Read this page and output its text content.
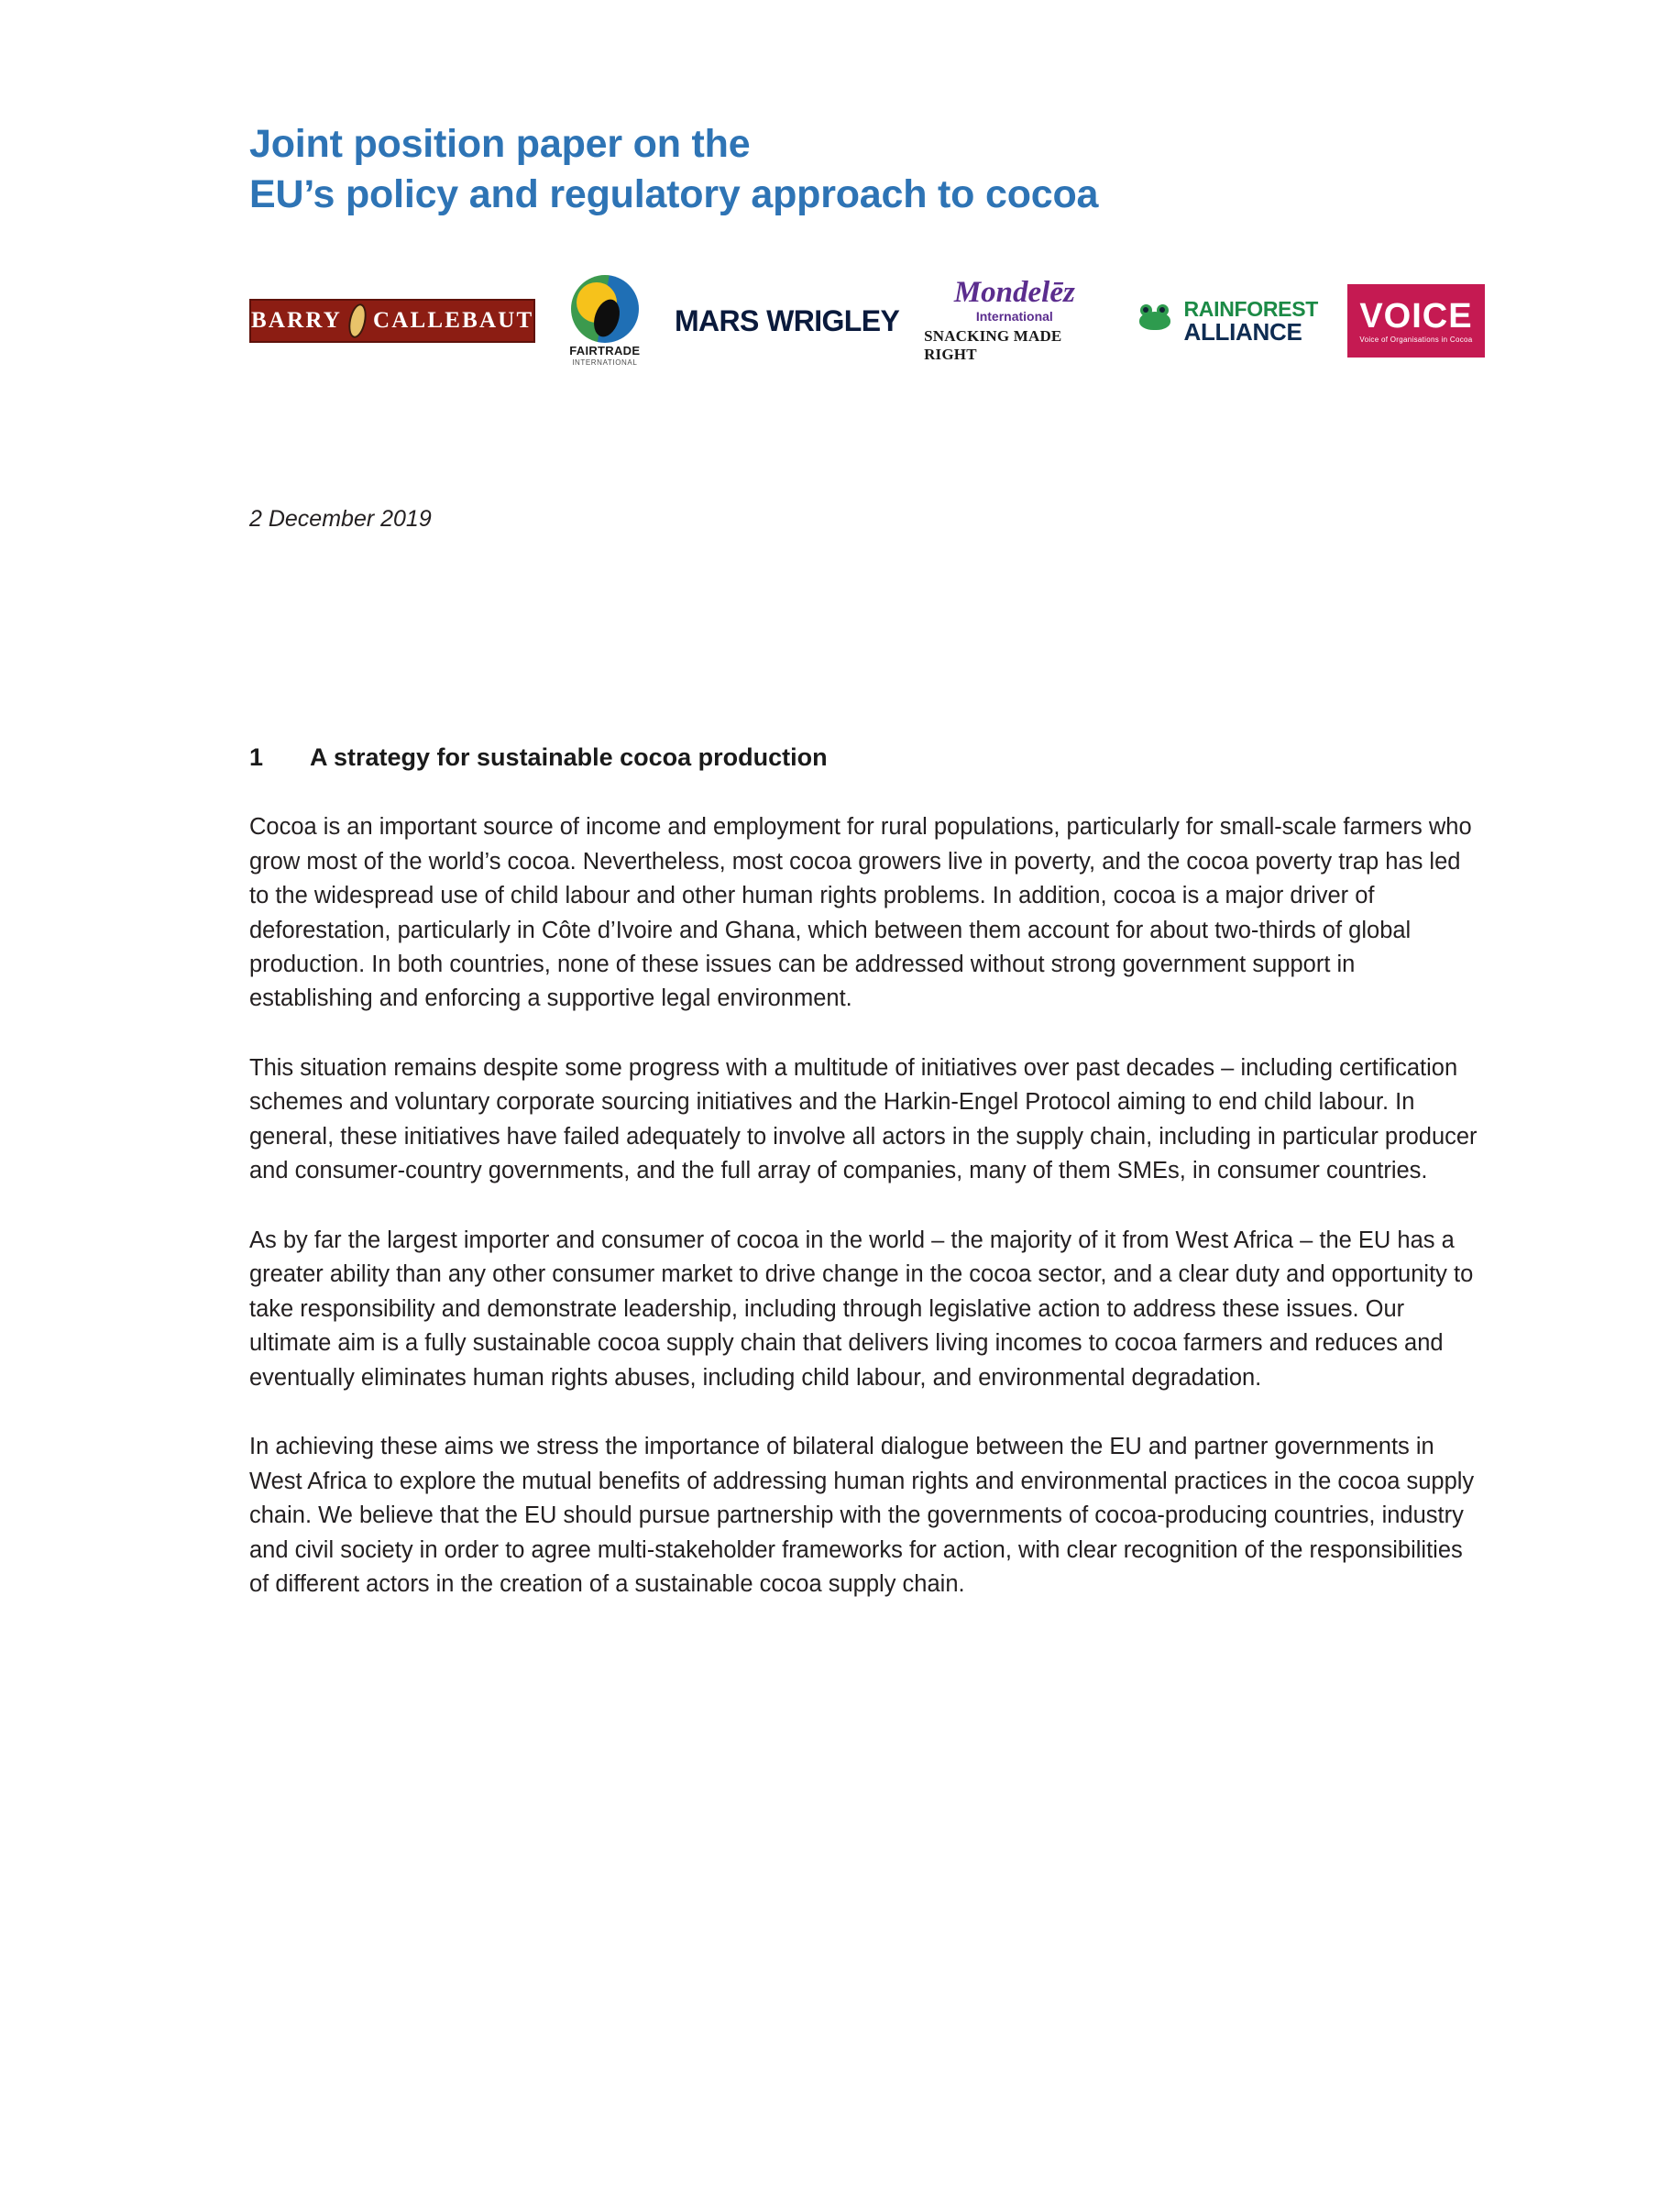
Joint position paper on the
EU’s policy and regulatory approach to cocoa
BARRY CALLEBAUT
FAIRTRADE
INTERNATIONAL
MARS WRIGLEY
Mondelēz
International
SNACKING MADE RIGHT
RAINFOREST
ALLIANCE	VOICE
Voice of Organisations in Cocoa
2 December 2019
1	A strategy for sustainable cocoa production

Cocoa is an important source of income and employment for rural populations, particularly for small-scale farmers who grow most of the world’s cocoa. Nevertheless, most cocoa growers live in poverty, and the cocoa poverty trap has led to the widespread use of child labour and other human rights problems. In addition, cocoa is a major driver of deforestation, particularly in Côte d’Ivoire and Ghana, which between them account for about two-thirds of global production. In both countries, none of these issues can be addressed without strong government support in establishing and enforcing a supportive legal environment.

This situation remains despite some progress with a multitude of initiatives over past decades – including certification schemes and voluntary corporate sourcing initiatives and the Harkin-Engel Protocol aiming to end child labour. In general, these initiatives have failed adequately to involve all actors in the supply chain, including in particular producer and consumer-country governments, and the full array of companies, many of them SMEs, in consumer countries.

As by far the largest importer and consumer of cocoa in the world – the majority of it from West Africa – the EU has a greater ability than any other consumer market to drive change in the cocoa sector, and a clear duty and opportunity to take responsibility and demonstrate leadership, including through legislative action to address these issues. Our ultimate aim is a fully sustainable cocoa supply chain that delivers living incomes to cocoa farmers and reduces and eventually eliminates human rights abuses, including child labour, and environmental degradation.

In achieving these aims we stress the importance of bilateral dialogue between the EU and partner governments in West Africa to explore the mutual benefits of addressing human rights and environmental practices in the cocoa supply chain. We believe that the EU should pursue partnership with the governments of cocoa-producing countries, industry and civil society in order to agree multi-stakeholder frameworks for action, with clear recognition of the responsibilities of different actors in the creation of a sustainable cocoa supply chain.
